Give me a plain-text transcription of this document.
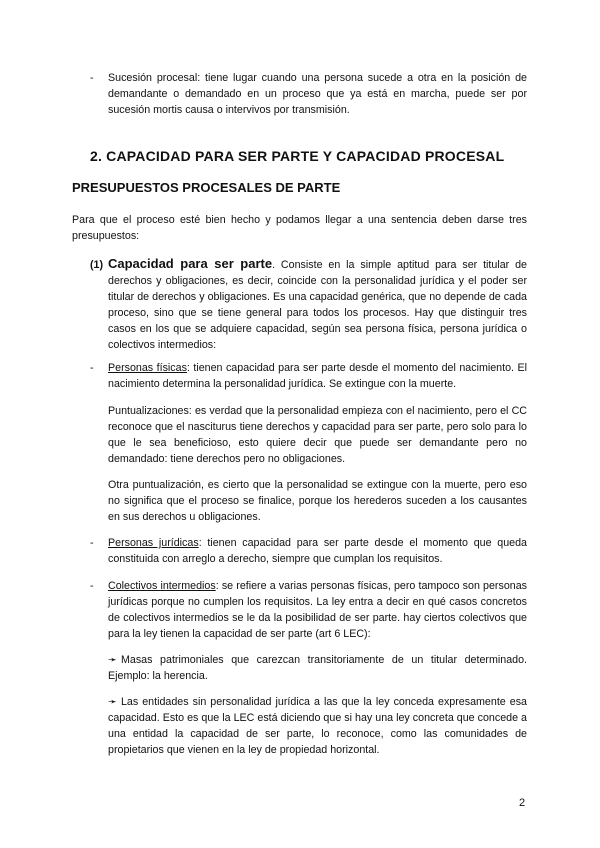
- Sucesión procesal: tiene lugar cuando una persona sucede a otra en la posición de demandante o demandado en un proceso que ya está en marcha, puede ser por sucesión mortis causa o intervivos por transmisión.
2. CAPACIDAD PARA SER PARTE Y CAPACIDAD PROCESAL
PRESUPUESTOS PROCESALES DE PARTE
Para que el proceso esté bien hecho y podamos llegar a una sentencia deben darse tres presupuestos:
(1) Capacidad para ser parte. Consiste en la simple aptitud para ser titular de derechos y obligaciones, es decir, coincide con la personalidad jurídica y el poder ser titular de derechos y obligaciones. Es una capacidad genérica, que no depende de cada proceso, sino que se tiene general para todos los procesos. Hay que distinguir tres casos en los que se adquiere capacidad, según sea persona física, persona jurídica o colectivos intermedios:
- Personas físicas: tienen capacidad para ser parte desde el momento del nacimiento. El nacimiento determina la personalidad jurídica. Se extingue con la muerte.
Puntualizaciones: es verdad que la personalidad empieza con el nacimiento, pero el CC reconoce que el nasciturus tiene derechos y capacidad para ser parte, pero solo para lo que le sea beneficioso, esto quiere decir que puede ser demandante pero no demandado: tiene derechos pero no obligaciones.
Otra puntualización, es cierto que la personalidad se extingue con la muerte, pero eso no significa que el proceso se finalice, porque los herederos suceden a los causantes en sus derechos u obligaciones.
- Personas jurídicas: tienen capacidad para ser parte desde el momento que queda constituida con arreglo a derecho, siempre que cumplan los requisitos.
- Colectivos intermedios: se refiere a varias personas físicas, pero tampoco son personas jurídicas porque no cumplen los requisitos. La ley entra a decir en qué casos concretos de colectivos intermedios se le da la posibilidad de ser parte. hay ciertos colectivos que para la ley tienen la capacidad de ser parte (art 6 LEC):
➛ Masas patrimoniales que carezcan transitoriamente de un titular determinado. Ejemplo: la herencia.
➛ Las entidades sin personalidad jurídica a las que la ley conceda expresamente esa capacidad. Esto es que la LEC está diciendo que si hay una ley concreta que concede a una entidad la capacidad de ser parte, lo reconoce, como las comunidades de propietarios que vienen en la ley de propiedad horizontal.
2
